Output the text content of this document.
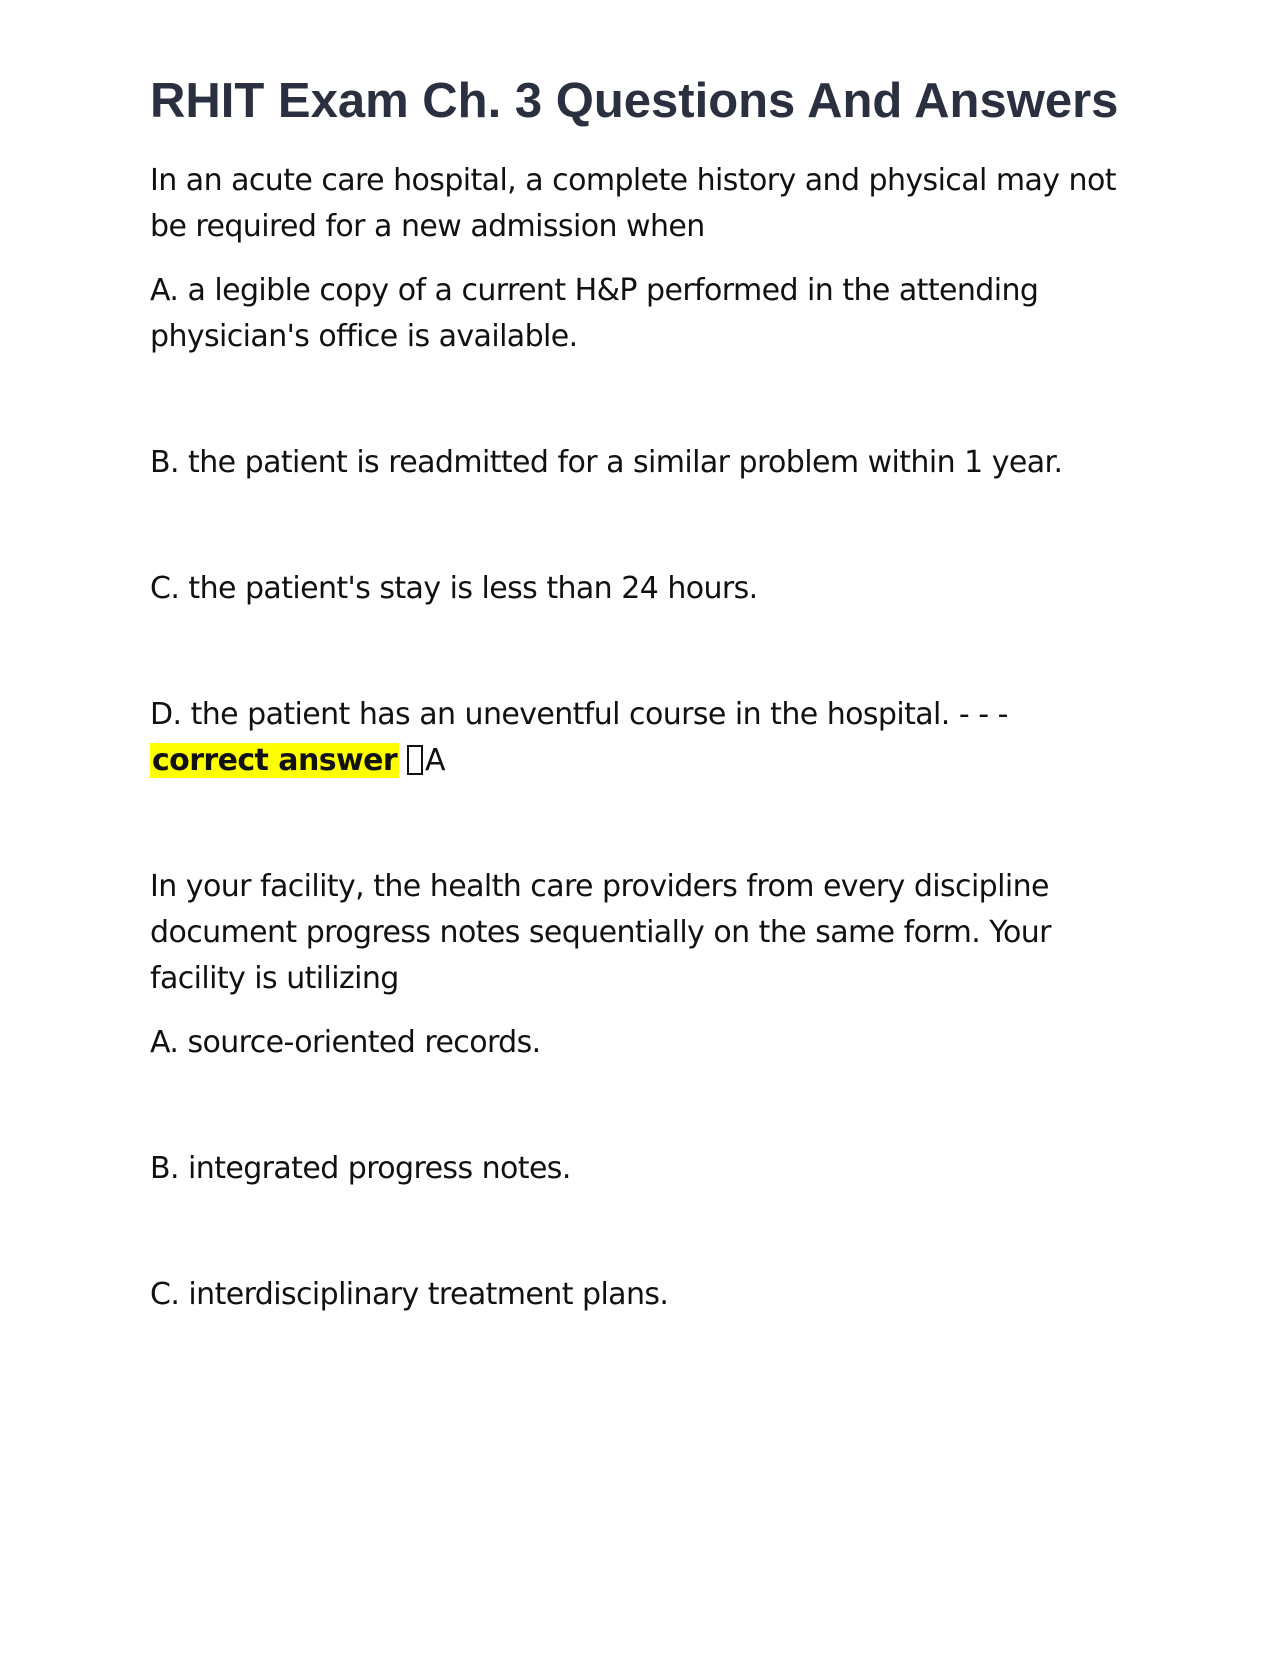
RHIT Exam Ch. 3 Questions And Answers

In an acute care hospital, a complete history and physical may not be required for a new admission when

A. a legible copy of a current H&P performed in the attending physician's office is available.

B. the patient is readmitted for a similar problem within 1 year.

C. the patient's stay is less than 24 hours.

D. the patient has an uneventful course in the hospital. - - - correct answer A

In your facility, the health care providers from every discipline document progress notes sequentially on the same form. Your facility is utilizing

A. source-oriented records.

B. integrated progress notes.

C. interdisciplinary treatment plans.
